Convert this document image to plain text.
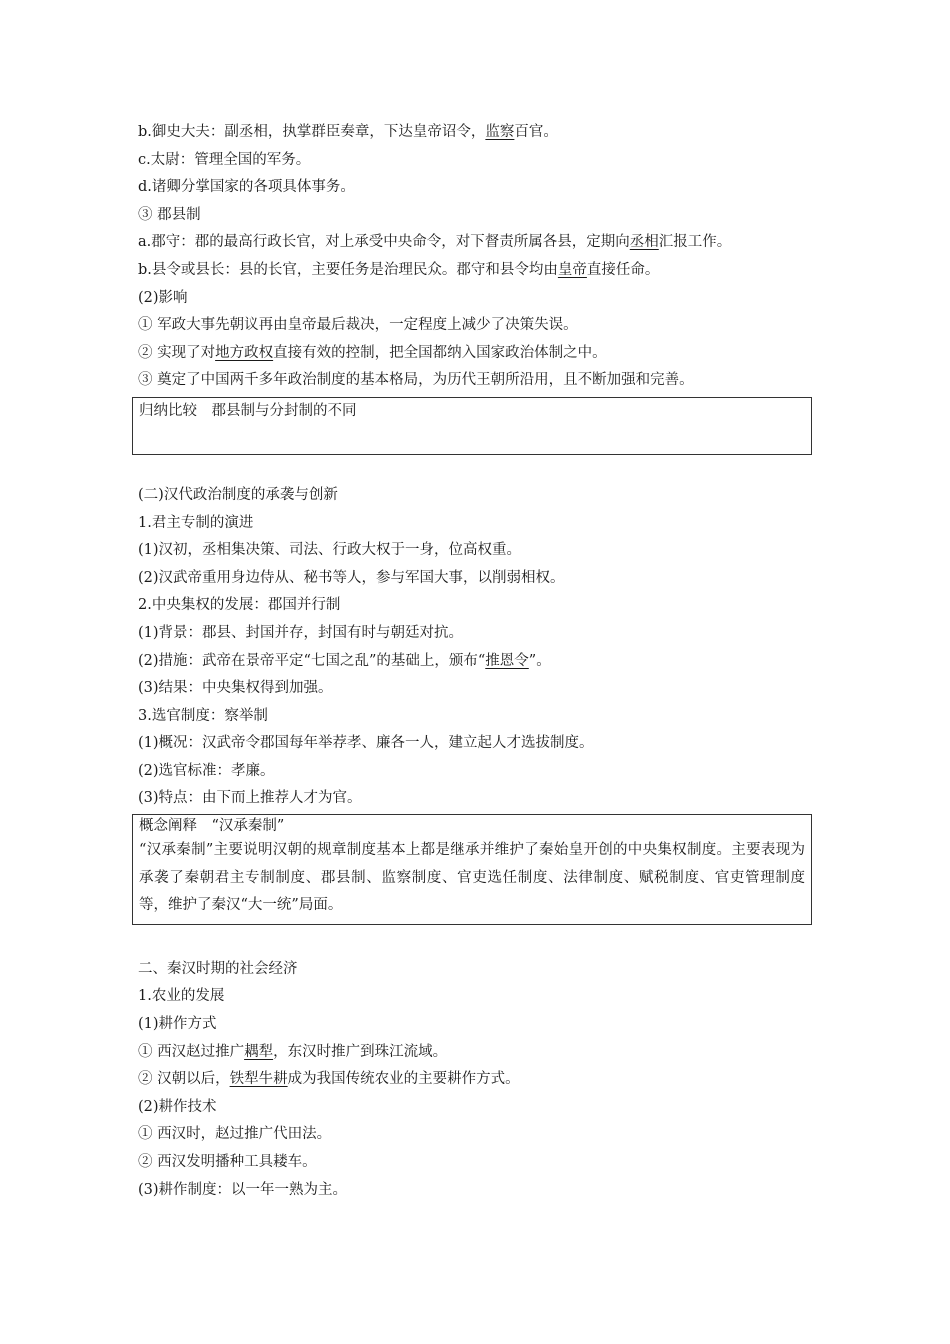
b.御史大夫：副丞相，执掌群臣奏章，下达皇帝诏令，监察百官。
c.太尉：管理全国的军务。
d.诸卿分掌国家的各项具体事务。
③ 郡县制
a.郡守：郡的最高行政长官，对上承受中央命令，对下督责所属各县，定期向丞相汇报工作。
b.县令或县长：县的长官，主要任务是治理民众。郡守和县令均由皇帝直接任命。
(2)影响
① 军政大事先朝议再由皇帝最后裁决，一定程度上减少了决策失误。
② 实现了对地方政权直接有效的控制，把全国都纳入国家政治体制之中。
③ 奠定了中国两千多年政治制度的基本格局，为历代王朝所沿用，且不断加强和完善。
归纳比较　郡县制与分封制的不同
(二)汉代政治制度的承袭与创新
1.君主专制的演进
(1)汉初，丞相集决策、司法、行政大权于一身，位高权重。
(2)汉武帝重用身边侍从、秘书等人，参与军国大事，以削弱相权。
2.中央集权的发展：郡国并行制
(1)背景：郡县、封国并存，封国有时与朝廷对抗。
(2)措施：武帝在景帝平定“七国之乱”的基础上，颁布“推恩令”。
(3)结果：中央集权得到加强。
3.选官制度：察举制
(1)概况：汉武帝令郡国每年举荐孝、廉各一人，建立起人才选拔制度。
(2)选官标准：孝廉。
(3)特点：由下而上推荐人才为官。
概念阐释　“汉承秦制”
“汉承秦制”主要说明汉朝的规章制度基本上都是继承并维护了秦始皇开创的中央集权制度。主要表现为承袭了秦朝君主专制制度、郡县制、监察制度、官吏选任制度、法律制度、赋税制度、官吏管理制度等，维护了秦汉“大一统”局面。
二、秦汉时期的社会经济
1.农业的发展
(1)耕作方式
① 西汉赵过推广耦犁，东汉时推广到珠江流域。
② 汉朝以后，铁犁牛耕成为我国传统农业的主要耕作方式。
(2)耕作技术
① 西汉时，赵过推广代田法。
② 西汉发明播种工具耧车。
(3)耕作制度：以一年一熟为主。
